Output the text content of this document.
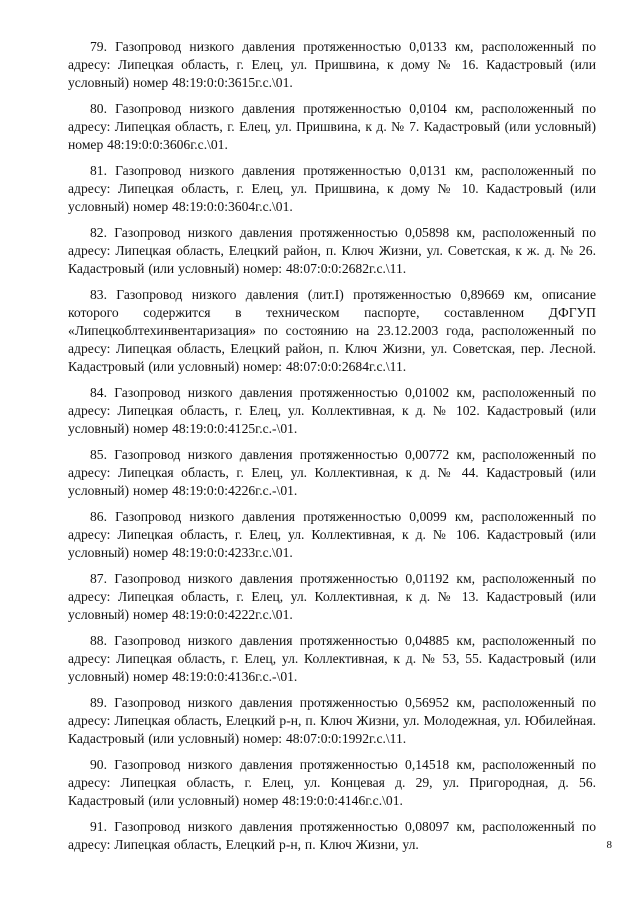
79. Газопровод низкого давления протяженностью 0,0133 км, расположенный по адресу: Липецкая область, г. Елец, ул. Пришвина, к дому № 16. Кадастровый (или условный) номер 48:19:0:0:3615г.с.\01.

80. Газопровод низкого давления протяженностью 0,0104 км, расположенный по адресу: Липецкая область, г. Елец, ул. Пришвина, к д. № 7. Кадастровый (или условный) номер 48:19:0:0:3606г.с.\01.

81. Газопровод низкого давления протяженностью 0,0131 км, расположенный по адресу: Липецкая область, г. Елец, ул. Пришвина, к дому № 10. Кадастровый (или условный) номер 48:19:0:0:3604г.с.\01.

82. Газопровод низкого давления протяженностью 0,05898 км, расположенный по адресу: Липецкая область, Елецкий район, п. Ключ Жизни, ул. Советская, к ж. д. № 26. Кадастровый (или условный) номер: 48:07:0:0:2682г.с.\11.

83. Газопровод низкого давления (лит.I) протяженностью 0,89669 км, описание которого содержится в техническом паспорте, составленном ДФГУП «Липецкоблтехинвентаризация» по состоянию на 23.12.2003 года, расположенный по адресу: Липецкая область, Елецкий район, п. Ключ Жизни, ул. Советская, пер. Лесной. Кадастровый (или условный) номер: 48:07:0:0:2684г.с.\11.

84. Газопровод низкого давления протяженностью 0,01002 км, расположенный по адресу: Липецкая область, г. Елец, ул. Коллективная, к д. № 102. Кадастровый (или условный) номер 48:19:0:0:4125г.с.-\01.

85. Газопровод низкого давления протяженностью 0,00772 км, расположенный по адресу: Липецкая область, г. Елец, ул. Коллективная, к д. № 44. Кадастровый (или условный) номер 48:19:0:0:4226г.с.-\01.

86. Газопровод низкого давления протяженностью 0,0099 км, расположенный по адресу: Липецкая область, г. Елец, ул. Коллективная, к д. № 106. Кадастровый (или условный) номер 48:19:0:0:4233г.с.\01.

87. Газопровод низкого давления протяженностью 0,01192 км, расположенный по адресу: Липецкая область, г. Елец, ул. Коллективная, к д. № 13. Кадастровый (или условный) номер 48:19:0:0:4222г.с.\01.

88. Газопровод низкого давления протяженностью 0,04885 км, расположенный по адресу: Липецкая область, г. Елец, ул. Коллективная, к д. № 53, 55. Кадастровый (или условный) номер 48:19:0:0:4136г.с.-\01.

89. Газопровод низкого давления протяженностью 0,56952 км, расположенный по адресу: Липецкая область, Елецкий р-н, п. Ключ Жизни, ул. Молодежная, ул. Юбилейная. Кадастровый (или условный) номер: 48:07:0:0:1992г.с.\11.

90. Газопровод низкого давления протяженностью 0,14518 км, расположенный по адресу: Липецкая область, г. Елец, ул. Концевая д. 29, ул. Пригородная, д. 56. Кадастровый (или условный) номер 48:19:0:0:4146г.с.\01.

91. Газопровод низкого давления протяженностью 0,08097 км, расположенный по адресу: Липецкая область, Елецкий р-н, п. Ключ Жизни, ул.	8
